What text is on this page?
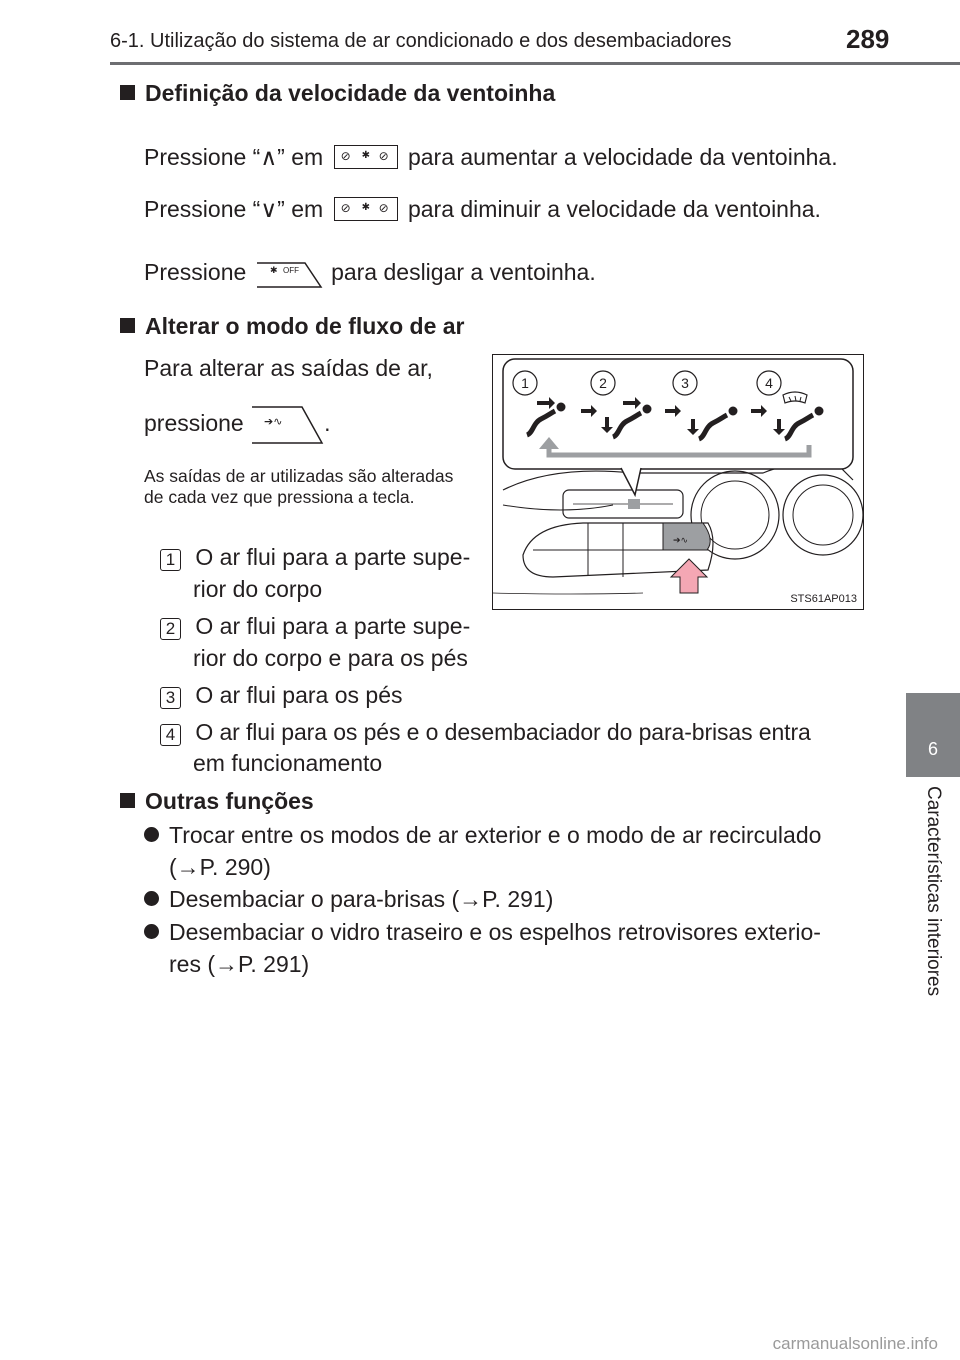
6-1. Utilização do sistema de ar condicionado e dos desembaciadores	289
6
Características interiores
Definição da velocidade da ventoinha
Pressione “∧” em ⊘ ✱ ⊘ para aumentar a velocidade da ventoinha.
Pressione “∨” em ⊘ ✱ ⊘ para diminuir a velocidade da ventoinha.
Pressione	✱ OFF para desligar a ventoinha.
Alterar o modo de fluxo de ar
Para alterar as saídas de ar,
pressione ➔∿ .
As saídas de ar utilizadas são alteradas de cada vez que pressiona a tecla.
➔∿
1	2	3	4
STS61AP013
1 O ar flui para a parte supe-
rior do corpo
2 O ar flui para a parte supe-
rior do corpo e para os pés
3 O ar flui para os pés
4 O ar flui para os pés e o desembaciador do para-brisas entra
em funcionamento
Outras funções
Trocar entre os modos de ar exterior e o modo de ar recirculado
(→P. 290)
Desembaciar o para-brisas (→P. 291)
Desembaciar o vidro traseiro e os espelhos retrovisores exterio-
res (→P. 291)
carmanualsonline.info
